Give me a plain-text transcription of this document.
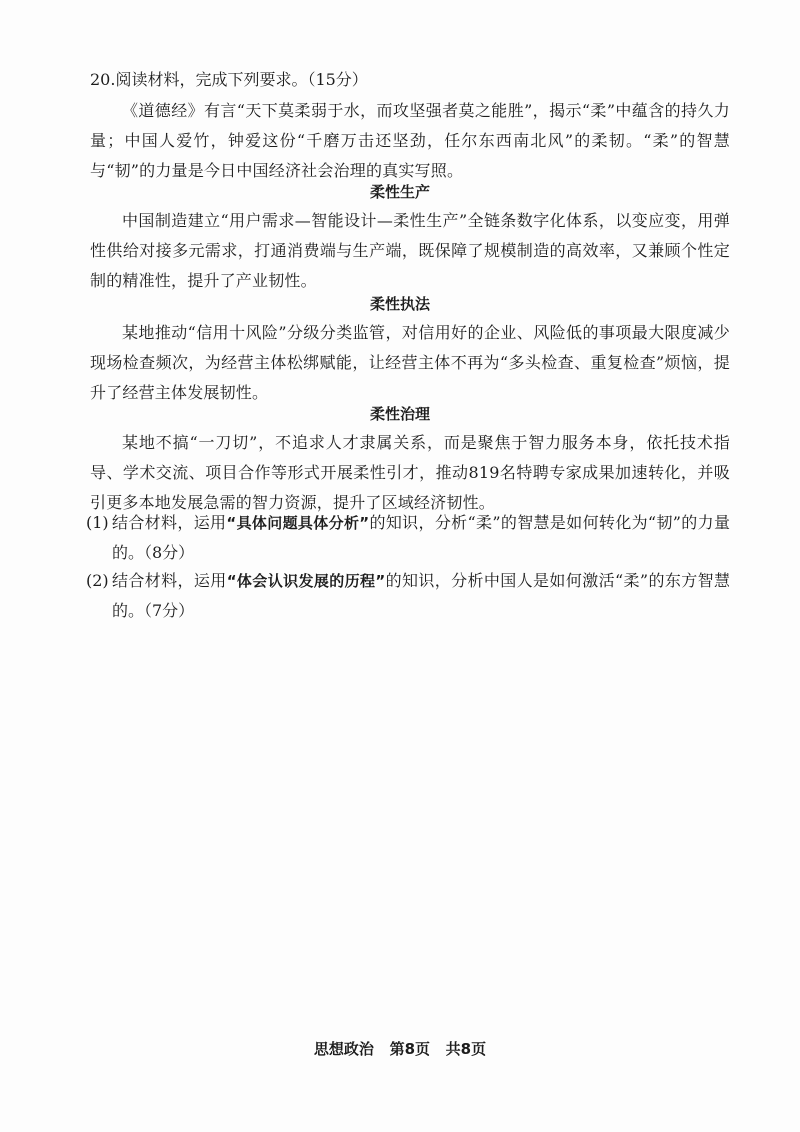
20.阅读材料，完成下列要求。（15分）
《道德经》有言“天下莫柔弱于水，而攻坚强者莫之能胜”，揭示“柔”中蕴含的持久力量；中国人爱竹，钟爱这份“千磨万击还坚劲，任尔东西南北风”的柔韧。“柔”的智慧与“韧”的力量是今日中国经济社会治理的真实写照。
柔性生产
中国制造建立“用户需求—智能设计—柔性生产”全链条数字化体系，以变应变，用弹性供给对接多元需求，打通消费端与生产端，既保障了规模制造的高效率，又兼顾个性定制的精准性，提升了产业韧性。
柔性执法
某地推动“信用十风险”分级分类监管，对信用好的企业、风险低的事项最大限度减少现场检查频次，为经营主体松绑赋能，让经营主体不再为“多头检查、重复检查”烦恼，提升了经营主体发展韧性。
柔性治理
某地不搞“一刀切”，不追求人才隶属关系，而是聚焦于智力服务本身，依托技术指导、学术交流、项目合作等形式开展柔性引才，推动819名特聘专家成果加速转化，并吸引更多本地发展急需的智力资源，提升了区域经济韧性。
(1) 结合材料，运用“具体问题具体分析”的知识，分析“柔”的智慧是如何转化为“韧”的力量的。（8分）
(2) 结合材料，运用“体会认识发展的历程”的知识，分析中国人是如何激活“柔”的东方智慧的。（7分）
思想政治 第8页 共8页
